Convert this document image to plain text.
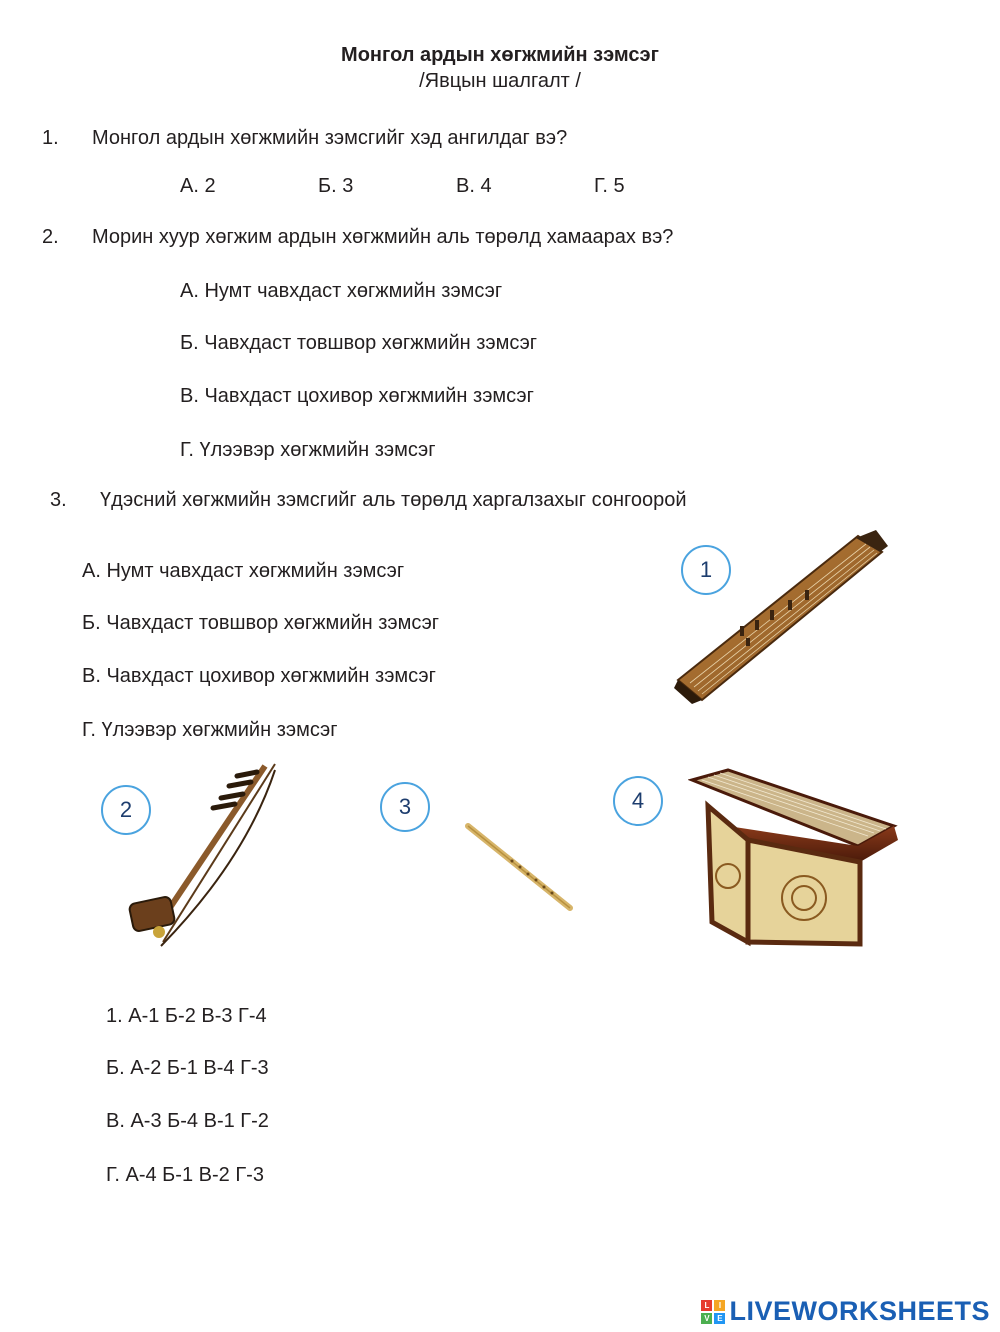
Монгол ардын хөгжмийн зэмсэг
/Явцын шалгалт /
1. Монгол ардын хөгжмийн зэмсгийг хэд ангилдаг вэ?
А. 2	Б. 3	В. 4	Г. 5
2. Морин хуур хөгжим ардын хөгжмийн аль төрөлд хамаарах вэ?
А. Нумт чавхдаст хөгжмийн зэмсэг
Б. Чавхдаст товшвор хөгжмийн зэмсэг
В. Чавхдаст цохивор хөгжмийн зэмсэг
Г. Үлээвэр хөгжмийн зэмсэг
3. Үдэсний хөгжмийн зэмсгийг аль төрөлд харгалзахыг сонгоорой
А. Нумт чавхдаст хөгжмийн зэмсэг
Б. Чавхдаст товшвор хөгжмийн зэмсэг
В. Чавхдаст цохивор хөгжмийн зэмсэг
Г. Үлээвэр хөгжмийн зэмсэг
1
2	3	4
1. А-1 Б-2 В-3 Г-4
Б. А-2 Б-1 В-4 Г-3
В. А-3 Б-4 В-1 Г-2
Г. А-4 Б-1 В-2 Г-3
L	I
V E LIVEWORKSHEETS
